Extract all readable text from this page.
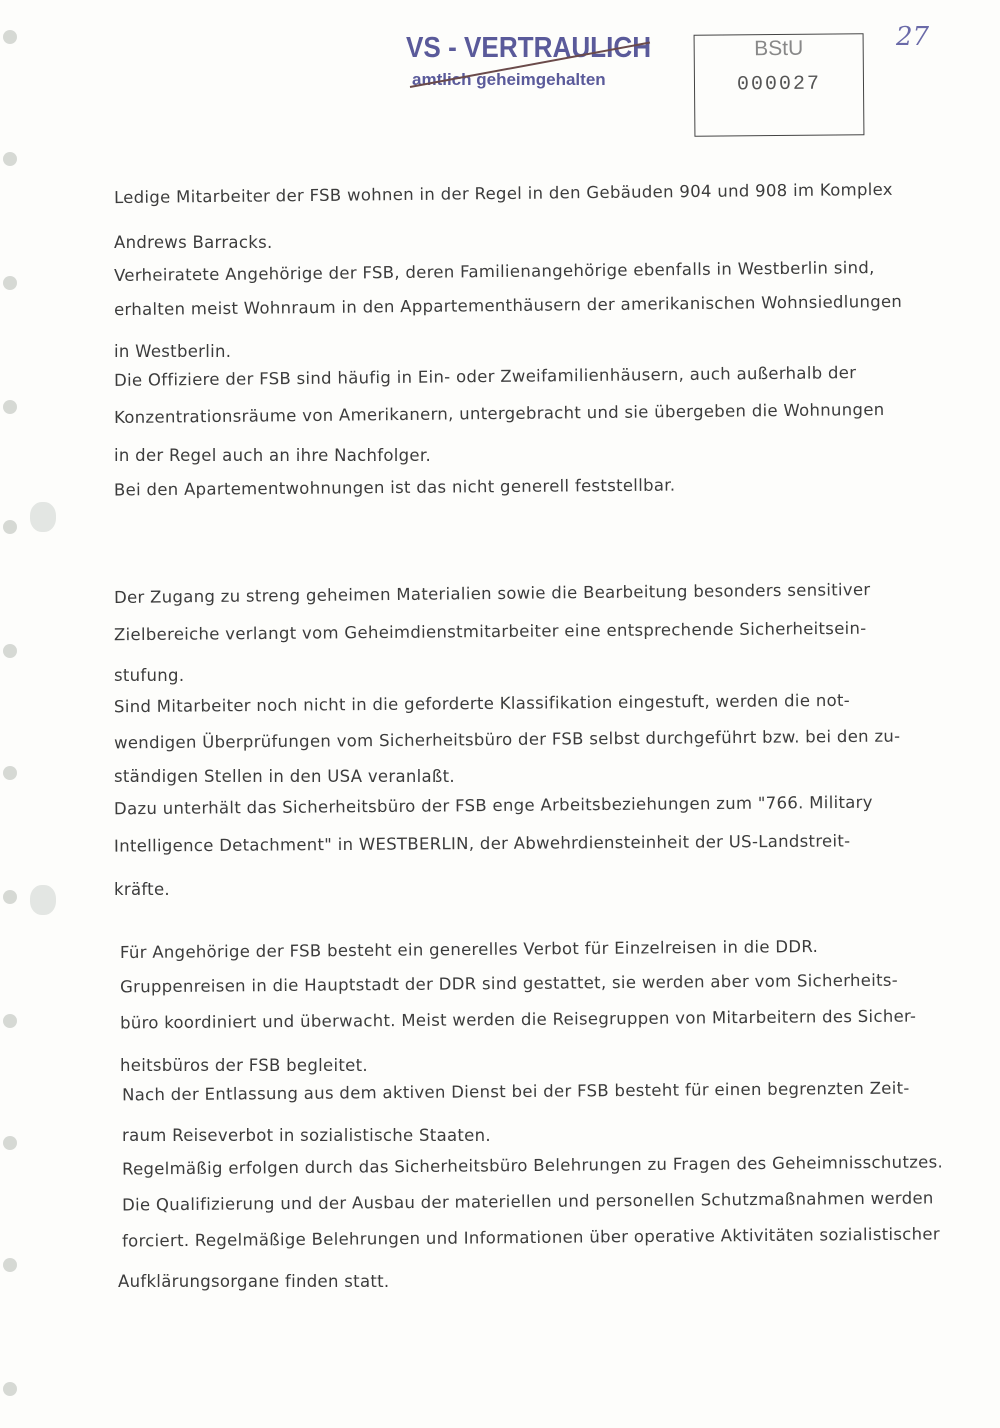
VS - VERTRAULICH
amtlich geheimgehalten
BStU
000027
27
Ledige Mitarbeiter der FSB wohnen in der Regel in den Gebäuden 904 und 908 im Komplex
Andrews Barracks.
Verheiratete Angehörige der FSB, deren Familienangehörige ebenfalls in Westberlin sind,
erhalten meist Wohnraum in den Appartementhäusern der amerikanischen Wohnsiedlungen
in Westberlin.
Die Offiziere der FSB sind häufig in Ein- oder Zweifamilienhäusern, auch außerhalb der
Konzentrationsräume von Amerikanern, untergebracht und sie übergeben die Wohnungen
in der Regel auch an ihre Nachfolger.
Bei den Apartementwohnungen ist das nicht generell feststellbar.
Der Zugang zu streng geheimen Materialien sowie die Bearbeitung besonders sensitiver
Zielbereiche verlangt vom Geheimdienstmitarbeiter eine entsprechende Sicherheitsein-
stufung.
Sind Mitarbeiter noch nicht in die geforderte Klassifikation eingestuft, werden die not-
wendigen Überprüfungen vom Sicherheitsbüro der FSB selbst durchgeführt bzw. bei den zu-
ständigen Stellen in den USA veranlaßt.
Dazu unterhält das Sicherheitsbüro der FSB enge Arbeitsbeziehungen zum "766. Military
Intelligence Detachment" in WESTBERLIN, der Abwehrdiensteinheit der US-Landstreit-
kräfte.
Für Angehörige der FSB besteht ein generelles Verbot für Einzelreisen in die DDR.
Gruppenreisen in die Hauptstadt der DDR sind gestattet, sie werden aber vom Sicherheits-
büro koordiniert und überwacht. Meist werden die Reisegruppen von Mitarbeitern des Sicher-
heitsbüros der FSB begleitet.
Nach der Entlassung aus dem aktiven Dienst bei der FSB besteht für einen begrenzten Zeit-
raum Reiseverbot in sozialistische Staaten.
Regelmäßig erfolgen durch das Sicherheitsbüro Belehrungen zu Fragen des Geheimnisschutzes.
Die Qualifizierung und der Ausbau der materiellen und personellen Schutzmaßnahmen werden
forciert. Regelmäßige Belehrungen und Informationen über operative Aktivitäten sozialistischer
Aufklärungsorgane finden statt.
